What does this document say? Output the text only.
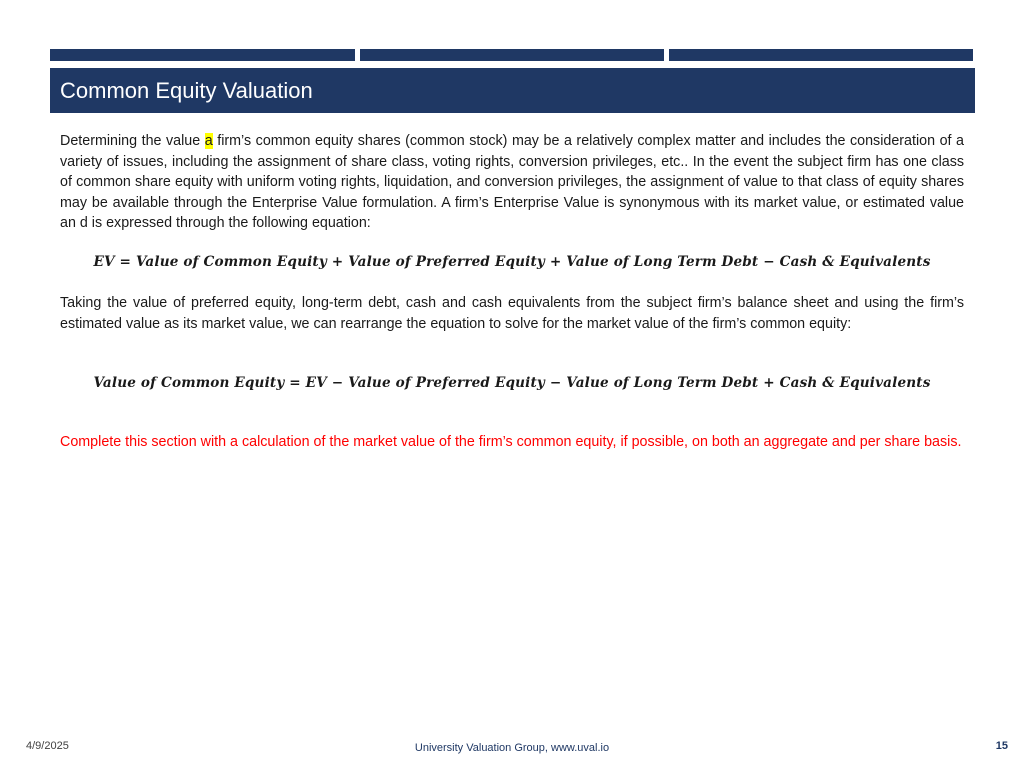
Common Equity Valuation
Determining the value a firm’s common equity shares (common stock) may be a relatively complex matter and includes the consideration of a variety of issues, including the assignment of share class, voting rights, conversion privileges, etc.. In the event the subject firm has one class of common share equity with uniform voting rights, liquidation, and conversion privileges, the assignment of value to that class of equity shares may be available through the Enterprise Value formulation. A firm’s Enterprise Value is synonymous with its market value, or estimated value an d is expressed through the following equation:
EV = Value of Common Equity + Value of Preferred Equity + Value of Long Term Debt − Cash & Equivalents
Taking the value of preferred equity, long-term debt, cash and cash equivalents from the subject firm’s balance sheet and using the firm’s estimated value as its market value, we can rearrange the equation to solve for the market value of the firm’s common equity:
Value of Common Equity = EV − Value of Preferred Equity − Value of Long Term Debt + Cash & Equivalents
Complete this section with a calculation of the market value of the firm’s common equity, if possible, on both an aggregate and per share basis.
4/9/2025	University Valuation Group, www.uval.io	15
